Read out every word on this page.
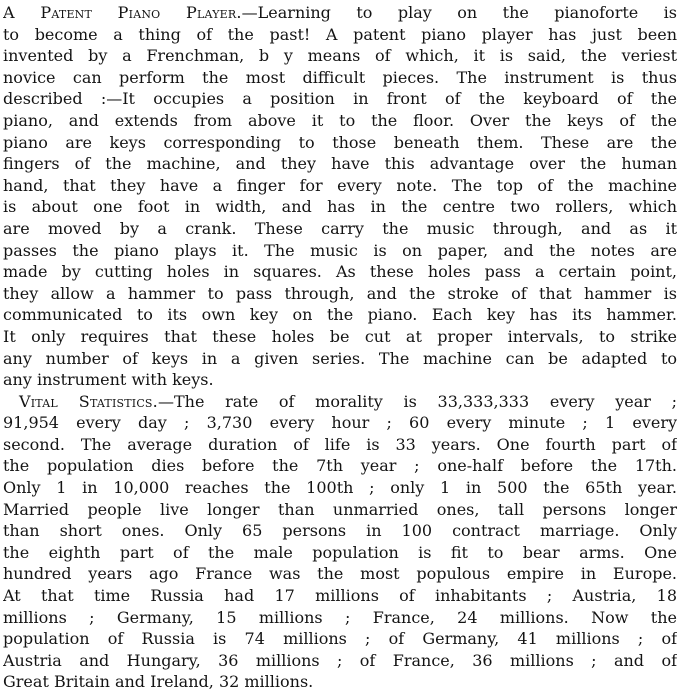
A Patent Piano Player.—Learning to play on the pianoforte is
to become a thing of the past! A patent piano player has just been
invented by a Frenchman, b y means of which, it is said, the veriest
novice can perform the most difficult pieces. The instrument is thus
described :—It occupies a position in front of the keyboard of the
piano, and extends from above it to the floor. Over the keys of the
piano are keys corresponding to those beneath them. These are the
fingers of the machine, and they have this advantage over the human
hand, that they have a finger for every note. The top of the machine
is about one foot in width, and has in the centre two rollers, which
are moved by a crank. These carry the music through, and as it
passes the piano plays it. The music is on paper, and the notes are
made by cutting holes in squares. As these holes pass a certain point,
they allow a hammer to pass through, and the stroke of that hammer is
communicated to its own key on the piano. Each key has its hammer.
It only requires that these holes be cut at proper intervals, to strike
any number of keys in a given series. The machine can be adapted to
any instrument with keys.
Vital Statistics.—The rate of morality is 33,333,333 every year ;
91,954 every day ; 3,730 every hour ; 60 every minute ; 1 every
second. The average duration of life is 33 years. One fourth part of
the population dies before the 7th year ; one-half before the 17th.
Only 1 in 10,000 reaches the 100th ; only 1 in 500 the 65th year.
Married people live longer than unmarried ones, tall persons longer
than short ones. Only 65 persons in 100 contract marriage. Only
the eighth part of the male population is fit to bear arms. One
hundred years ago France was the most populous empire in Europe.
At that time Russia had 17 millions of inhabitants ; Austria, 18
millions ; Germany, 15 millions ; France, 24 millions. Now the
population of Russia is 74 millions ; of Germany, 41 millions ; of
Austria and Hungary, 36 millions ; of France, 36 millions ; and of
Great Britain and Ireland, 32 millions.
